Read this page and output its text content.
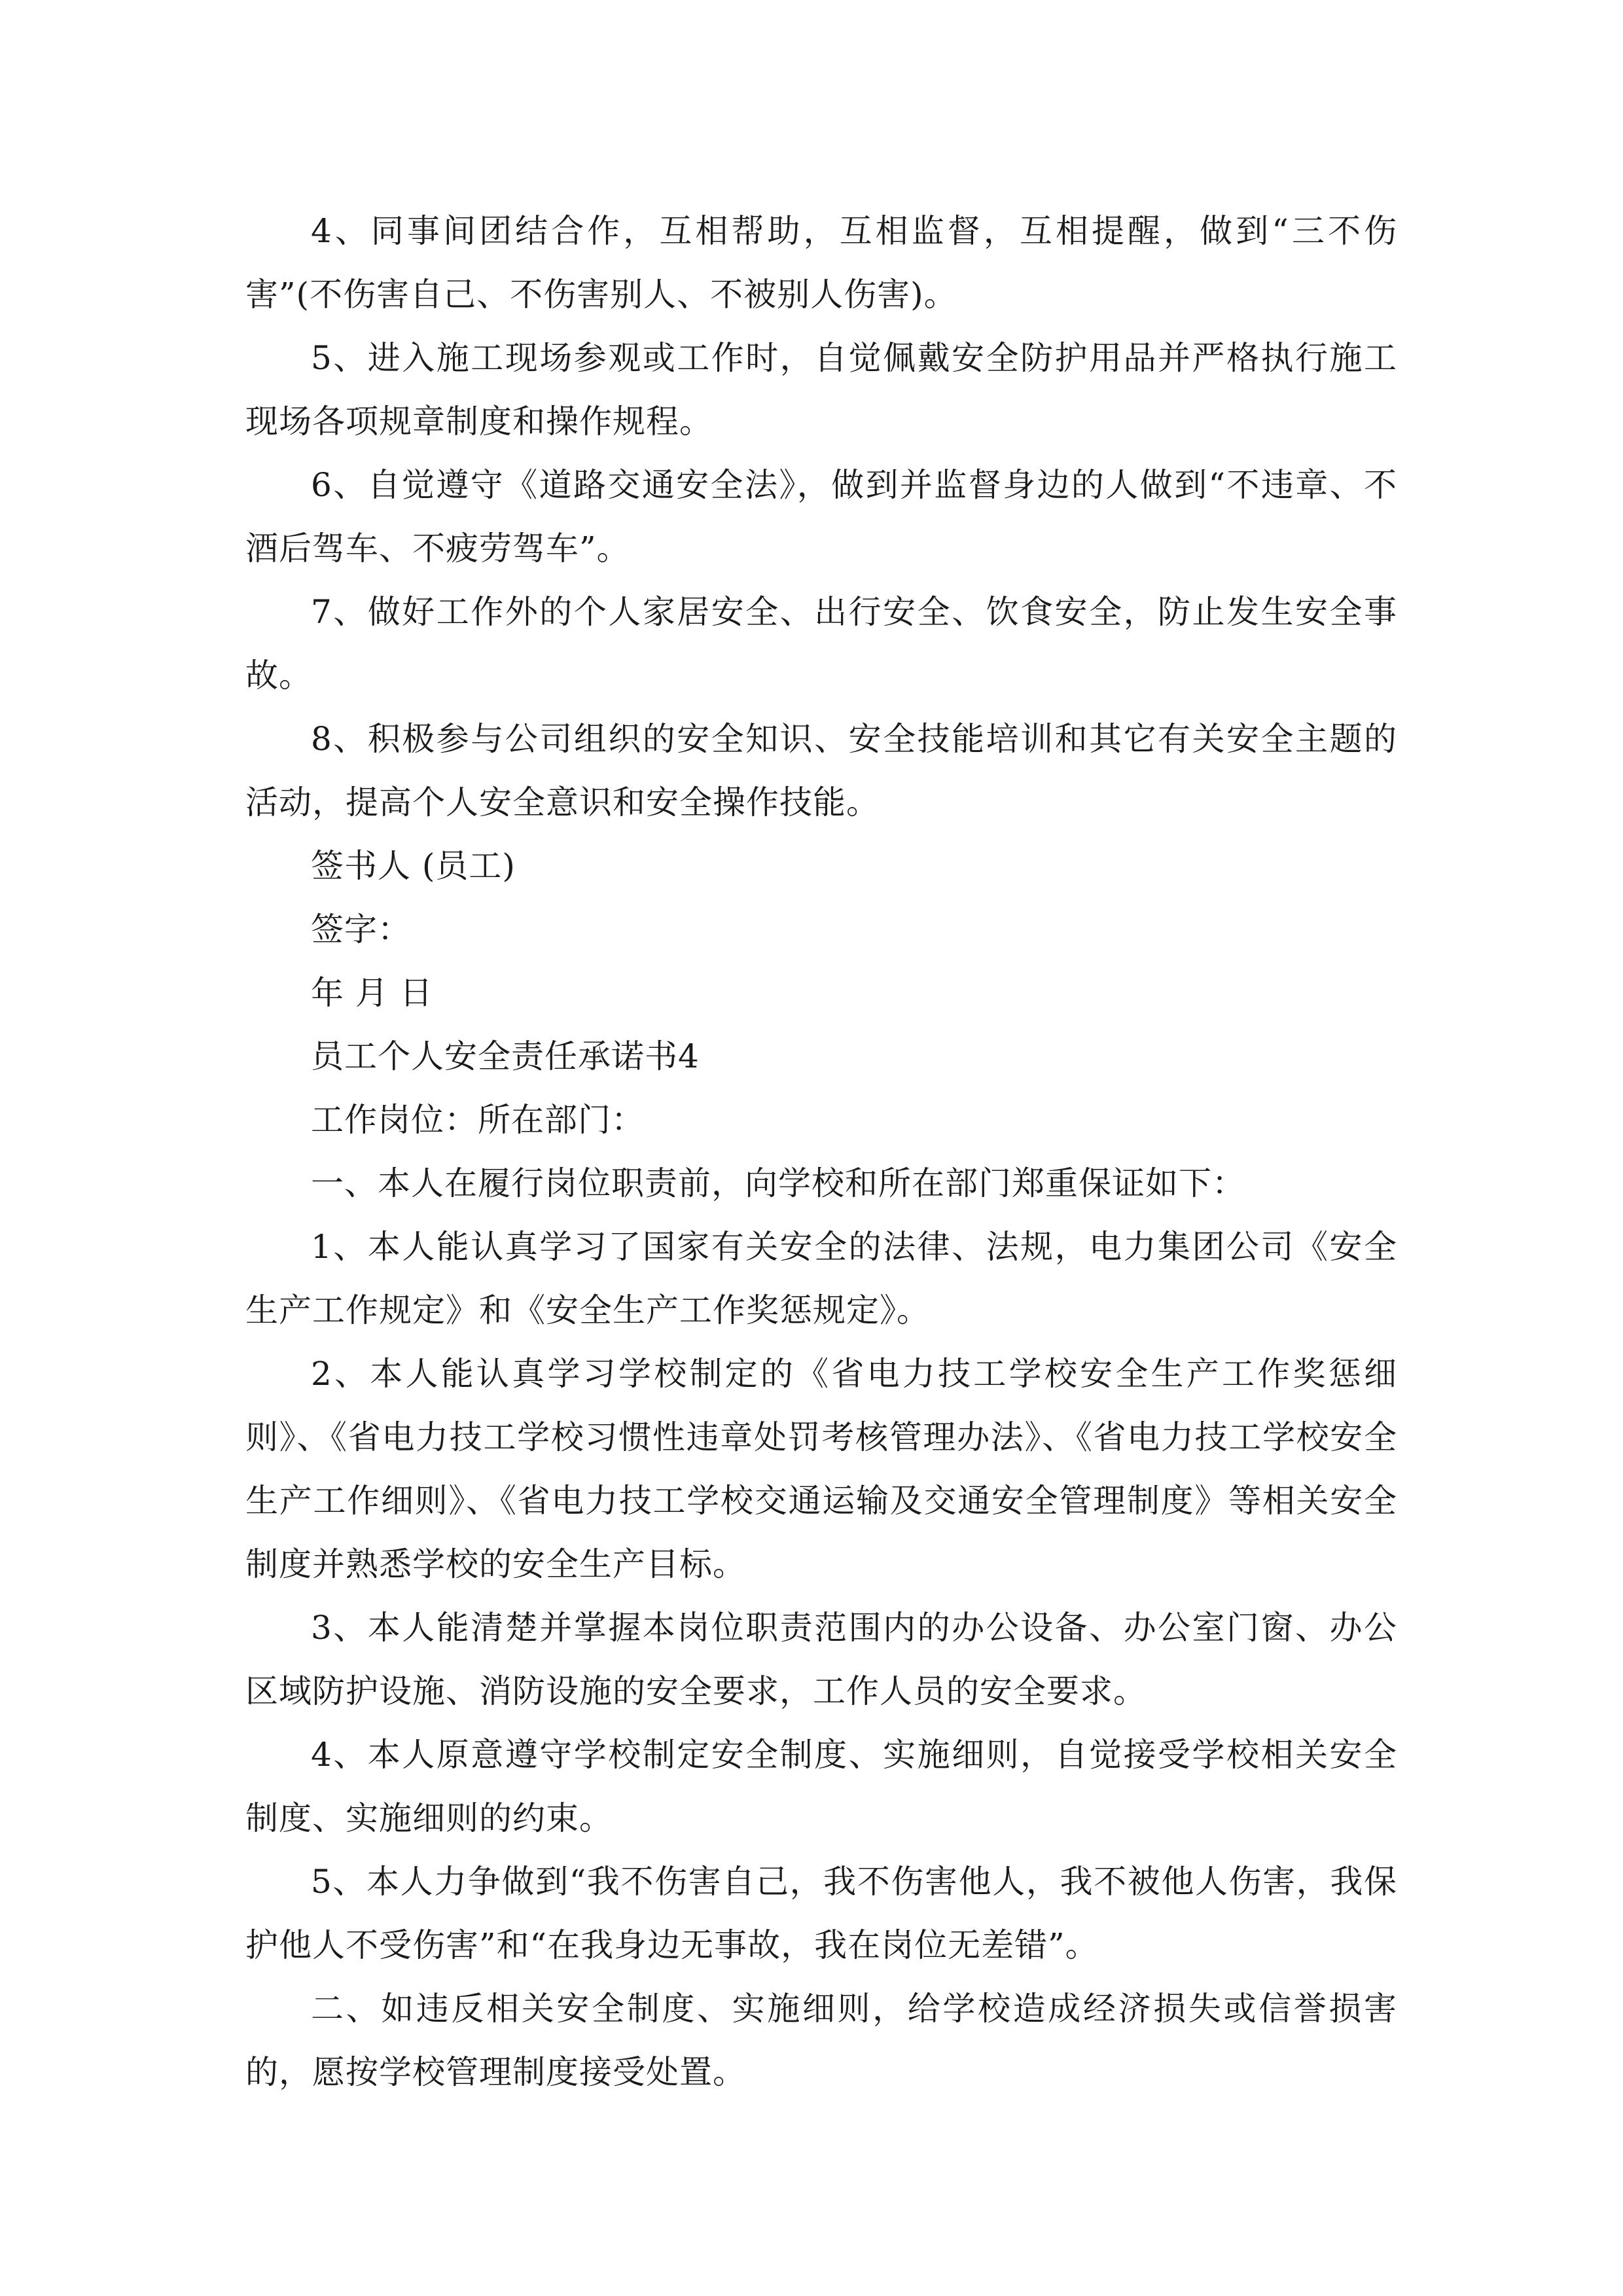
4、同事间团结合作，互相帮助，互相监督，互相提醒，做到“三不伤害”(不伤害自己、不伤害别人、不被别人伤害)。

5、进入施工现场参观或工作时，自觉佩戴安全防护用品并严格执行施工现场各项规章制度和操作规程。

6、自觉遵守《道路交通安全法》，做到并监督身边的人做到“不违章、不酒后驾车、不疲劳驾车”。

7、做好工作外的个人家居安全、出行安全、饮食安全，防止发生安全事故。

8、积极参与公司组织的安全知识、安全技能培训和其它有关安全主题的活动，提高个人安全意识和安全操作技能。

签书人 (员工)

签字：

年 月 日

员工个人安全责任承诺书4

工作岗位：所在部门：

一、本人在履行岗位职责前，向学校和所在部门郑重保证如下：

1、本人能认真学习了国家有关安全的法律、法规，电力集团公司《安全生产工作规定》和《安全生产工作奖惩规定》。

2、本人能认真学习学校制定的《省电力技工学校安全生产工作奖惩细则》、《省电力技工学校习惯性违章处罚考核管理办法》、《省电力技工学校安全生产工作细则》、《省电力技工学校交通运输及交通安全管理制度》等相关安全制度并熟悉学校的安全生产目标。

3、本人能清楚并掌握本岗位职责范围内的办公设备、办公室门窗、办公区域防护设施、消防设施的安全要求，工作人员的安全要求。

4、本人原意遵守学校制定安全制度、实施细则，自觉接受学校相关安全制度、实施细则的约束。

5、本人力争做到“我不伤害自己，我不伤害他人，我不被他人伤害，我保护他人不受伤害”和“在我身边无事故，我在岗位无差错”。

二、如违反相关安全制度、实施细则，给学校造成经济损失或信誉损害的，愿按学校管理制度接受处置。
